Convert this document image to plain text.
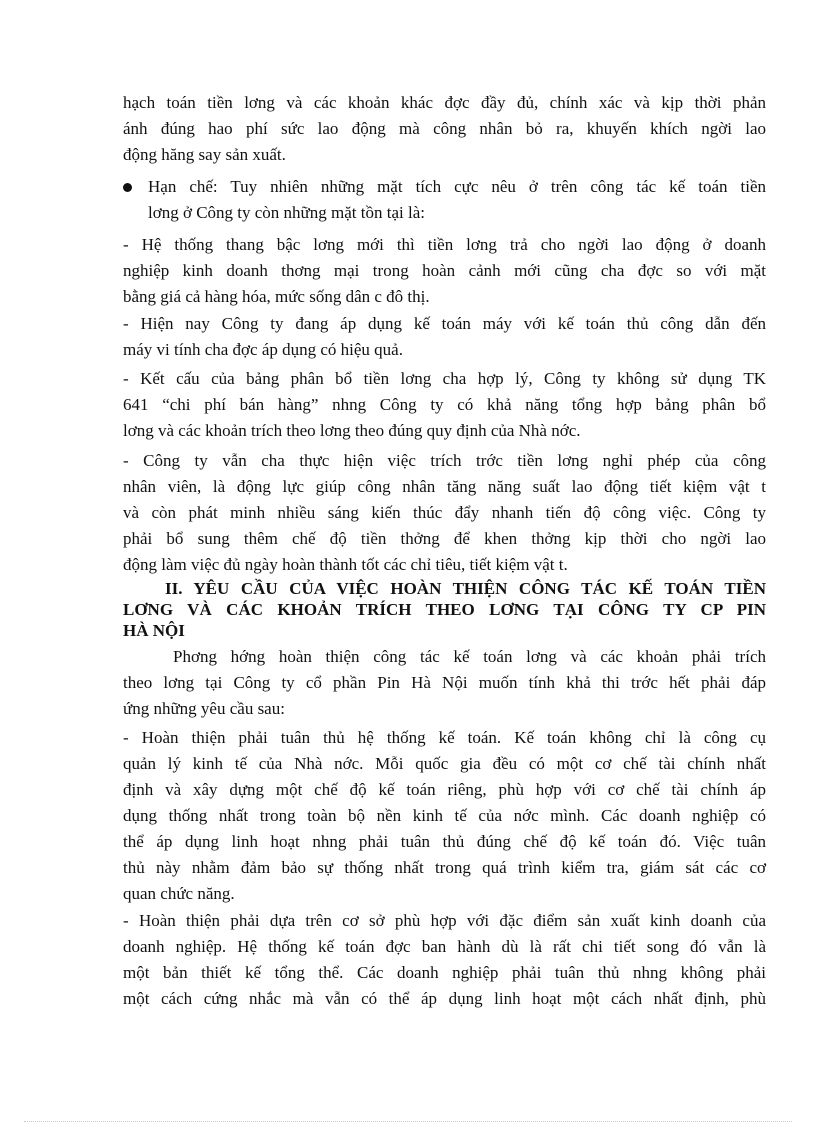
hạch toán tiền lơng và các khoản khác đợc đầy đủ, chính xác và kịp thời phản
ánh đúng hao phí sức lao động mà công nhân bỏ ra, khuyến khích ngời lao
động hăng say sản xuất.
Hạn chế: Tuy nhiên những mặt tích cực nêu ở trên công tác kế toán tiền
lơng ở Công ty còn những mặt tồn tại là:
- Hệ thống thang bậc lơng mới thì tiền lơng trả cho ngời lao động ở doanh
nghiệp kinh doanh thơng mại trong hoàn cảnh mới cũng cha đợc so với mặt
bằng giá cả hàng hóa, mức sống dân c đô thị.
- Hiện nay Công ty đang áp dụng kế toán máy với kế toán thủ công dẫn đến
máy vi tính cha đợc áp dụng có hiệu quả.
- Kết cấu của bảng phân bổ tiền lơng cha hợp lý, Công ty không sử dụng TK
641 “chi phí bán hàng” nhng Công ty có khả năng tổng hợp bảng phân bổ
lơng và các khoản trích theo lơng theo đúng quy định của Nhà nớc.
- Công ty vẫn cha thực hiện việc trích trớc tiền lơng nghỉ phép của công
nhân viên, là động lực giúp công nhân tăng năng suất lao động tiết kiệm vật t
và còn phát minh nhiều sáng kiến thúc đẩy nhanh tiến độ công việc. Công ty
phải bổ sung thêm chế độ tiền thởng để khen thởng kịp thời cho ngời lao
động làm việc đủ ngày hoàn thành tốt các chỉ tiêu, tiết kiệm vật t.
II. YÊU CẦU CỦA VIỆC HOÀN THIỆN CÔNG TÁC KẾ TOÁN TIỀN
LƠNG VÀ CÁC KHOẢN TRÍCH THEO LƠNG TẠI CÔNG TY CP PIN
HÀ NỘI
Phơng hớng hoàn thiện công tác kế toán lơng và các khoản phải trích
theo lơng tại Công ty cổ phần Pin Hà Nội muốn tính khả thi trớc hết phải đáp
ứng những yêu cầu sau:
- Hoàn thiện phải tuân thủ hệ thống kế toán. Kế toán không chỉ là công cụ
quản lý kinh tế của Nhà nớc. Mỗi quốc gia đều có một cơ chế tài chính nhất
định và xây dựng một chế độ kế toán riêng, phù hợp với cơ chế tài chính áp
dụng thống nhất trong toàn bộ nền kinh tế của nớc mình. Các doanh nghiệp có
thể áp dụng linh hoạt nhng phải tuân thủ đúng chế độ kế toán đó. Việc tuân
thủ này nhằm đảm bảo sự thống nhất trong quá trình kiểm tra, giám sát các cơ
quan chức năng.
- Hoàn thiện phải dựa trên cơ sở phù hợp với đặc điểm sản xuất kinh doanh của
doanh nghiệp. Hệ thống kế toán đợc ban hành dù là rất chi tiết song đó vẫn là
một bản thiết kế tổng thể. Các doanh nghiệp phải tuân thủ nhng không phải
một cách cứng nhắc mà vẫn có thể áp dụng linh hoạt một cách nhất định, phù
